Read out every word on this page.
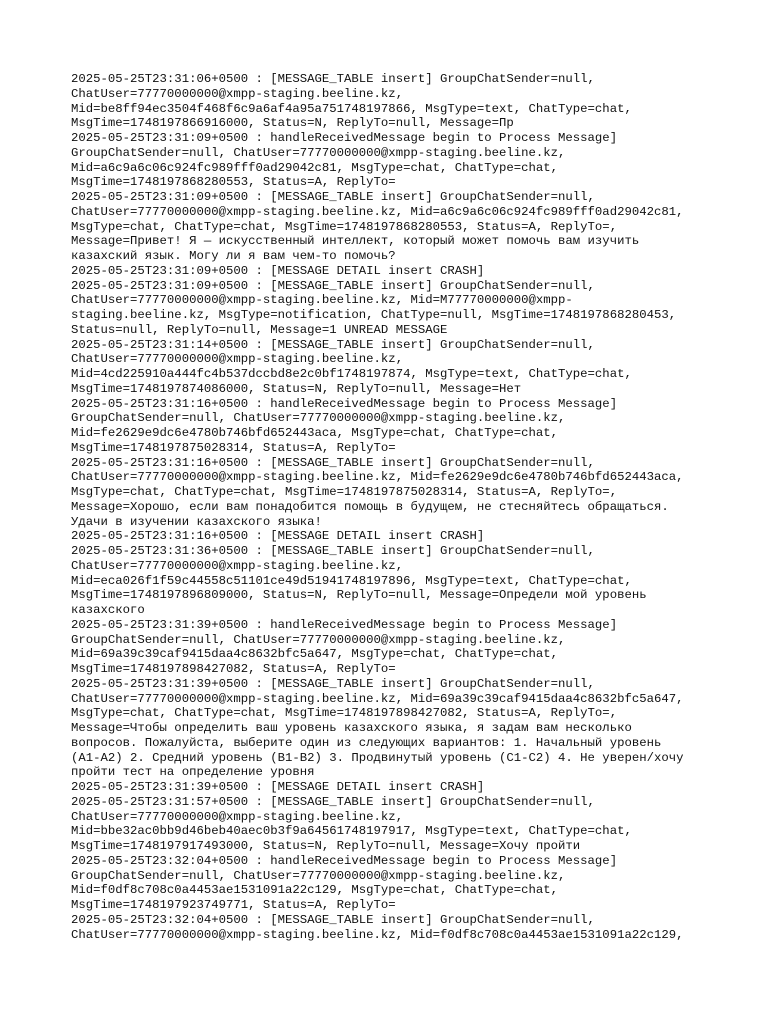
2025-05-25T23:31:06+0500 : [MESSAGE_TABLE insert] GroupChatSender=null,
ChatUser=77770000000@xmpp-staging.beeline.kz,
Mid=be8ff94ec3504f468f6c9a6af4a95a751748197866, MsgType=text, ChatType=chat,
MsgTime=1748197866916000, Status=N, ReplyTo=null, Message=Пр
2025-05-25T23:31:09+0500 : handleReceivedMessage begin to Process Message]
GroupChatSender=null, ChatUser=77770000000@xmpp-staging.beeline.kz,
Mid=a6c9a6c06c924fc989fff0ad29042c81, MsgType=chat, ChatType=chat,
MsgTime=1748197868280553, Status=A, ReplyTo=
2025-05-25T23:31:09+0500 : [MESSAGE_TABLE insert] GroupChatSender=null,
ChatUser=77770000000@xmpp-staging.beeline.kz, Mid=a6c9a6c06c924fc989fff0ad29042c81,
MsgType=chat, ChatType=chat, MsgTime=1748197868280553, Status=A, ReplyTo=,
Message=Привет! Я — искусственный интеллект, который может помочь вам изучить
казахский язык. Могу ли я вам чем-то помочь?
2025-05-25T23:31:09+0500 : [MESSAGE DETAIL insert CRASH]
2025-05-25T23:31:09+0500 : [MESSAGE_TABLE insert] GroupChatSender=null,
ChatUser=77770000000@xmpp-staging.beeline.kz, Mid=M77770000000@xmpp-
staging.beeline.kz, MsgType=notification, ChatType=null, MsgTime=1748197868280453,
Status=null, ReplyTo=null, Message=1 UNREAD MESSAGE
2025-05-25T23:31:14+0500 : [MESSAGE_TABLE insert] GroupChatSender=null,
ChatUser=77770000000@xmpp-staging.beeline.kz,
Mid=4cd225910a444fc4b537dccbd8e2c0bf1748197874, MsgType=text, ChatType=chat,
MsgTime=1748197874086000, Status=N, ReplyTo=null, Message=Нет
2025-05-25T23:31:16+0500 : handleReceivedMessage begin to Process Message]
GroupChatSender=null, ChatUser=77770000000@xmpp-staging.beeline.kz,
Mid=fe2629e9dc6e4780b746bfd652443aca, MsgType=chat, ChatType=chat,
MsgTime=1748197875028314, Status=A, ReplyTo=
2025-05-25T23:31:16+0500 : [MESSAGE_TABLE insert] GroupChatSender=null,
ChatUser=77770000000@xmpp-staging.beeline.kz, Mid=fe2629e9dc6e4780b746bfd652443aca,
MsgType=chat, ChatType=chat, MsgTime=1748197875028314, Status=A, ReplyTo=,
Message=Хорошо, если вам понадобится помощь в будущем, не стесняйтесь обращаться.
Удачи в изучении казахского языка!
2025-05-25T23:31:16+0500 : [MESSAGE DETAIL insert CRASH]
2025-05-25T23:31:36+0500 : [MESSAGE_TABLE insert] GroupChatSender=null,
ChatUser=77770000000@xmpp-staging.beeline.kz,
Mid=eca026f1f59c44558c51101ce49d51941748197896, MsgType=text, ChatType=chat,
MsgTime=1748197896809000, Status=N, ReplyTo=null, Message=Определи мой уровень
казахского
2025-05-25T23:31:39+0500 : handleReceivedMessage begin to Process Message]
GroupChatSender=null, ChatUser=77770000000@xmpp-staging.beeline.kz,
Mid=69a39c39caf9415daa4c8632bfc5a647, MsgType=chat, ChatType=chat,
MsgTime=1748197898427082, Status=A, ReplyTo=
2025-05-25T23:31:39+0500 : [MESSAGE_TABLE insert] GroupChatSender=null,
ChatUser=77770000000@xmpp-staging.beeline.kz, Mid=69a39c39caf9415daa4c8632bfc5a647,
MsgType=chat, ChatType=chat, MsgTime=1748197898427082, Status=A, ReplyTo=,
Message=Чтобы определить ваш уровень казахского языка, я задам вам несколько
вопросов. Пожалуйста, выберите один из следующих вариантов: 1. Начальный уровень
(A1-A2) 2. Средний уровень (B1-B2) 3. Продвинутый уровень (C1-C2) 4. Не уверен/хочу
пройти тест на определение уровня
2025-05-25T23:31:39+0500 : [MESSAGE DETAIL insert CRASH]
2025-05-25T23:31:57+0500 : [MESSAGE_TABLE insert] GroupChatSender=null,
ChatUser=77770000000@xmpp-staging.beeline.kz,
Mid=bbe32ac0bb9d46beb40aec0b3f9a64561748197917, MsgType=text, ChatType=chat,
MsgTime=1748197917493000, Status=N, ReplyTo=null, Message=Хочу пройти
2025-05-25T23:32:04+0500 : handleReceivedMessage begin to Process Message]
GroupChatSender=null, ChatUser=77770000000@xmpp-staging.beeline.kz,
Mid=f0df8c708c0a4453ae1531091a22c129, MsgType=chat, ChatType=chat,
MsgTime=1748197923749771, Status=A, ReplyTo=
2025-05-25T23:32:04+0500 : [MESSAGE_TABLE insert] GroupChatSender=null,
ChatUser=77770000000@xmpp-staging.beeline.kz, Mid=f0df8c708c0a4453ae1531091a22c129,
